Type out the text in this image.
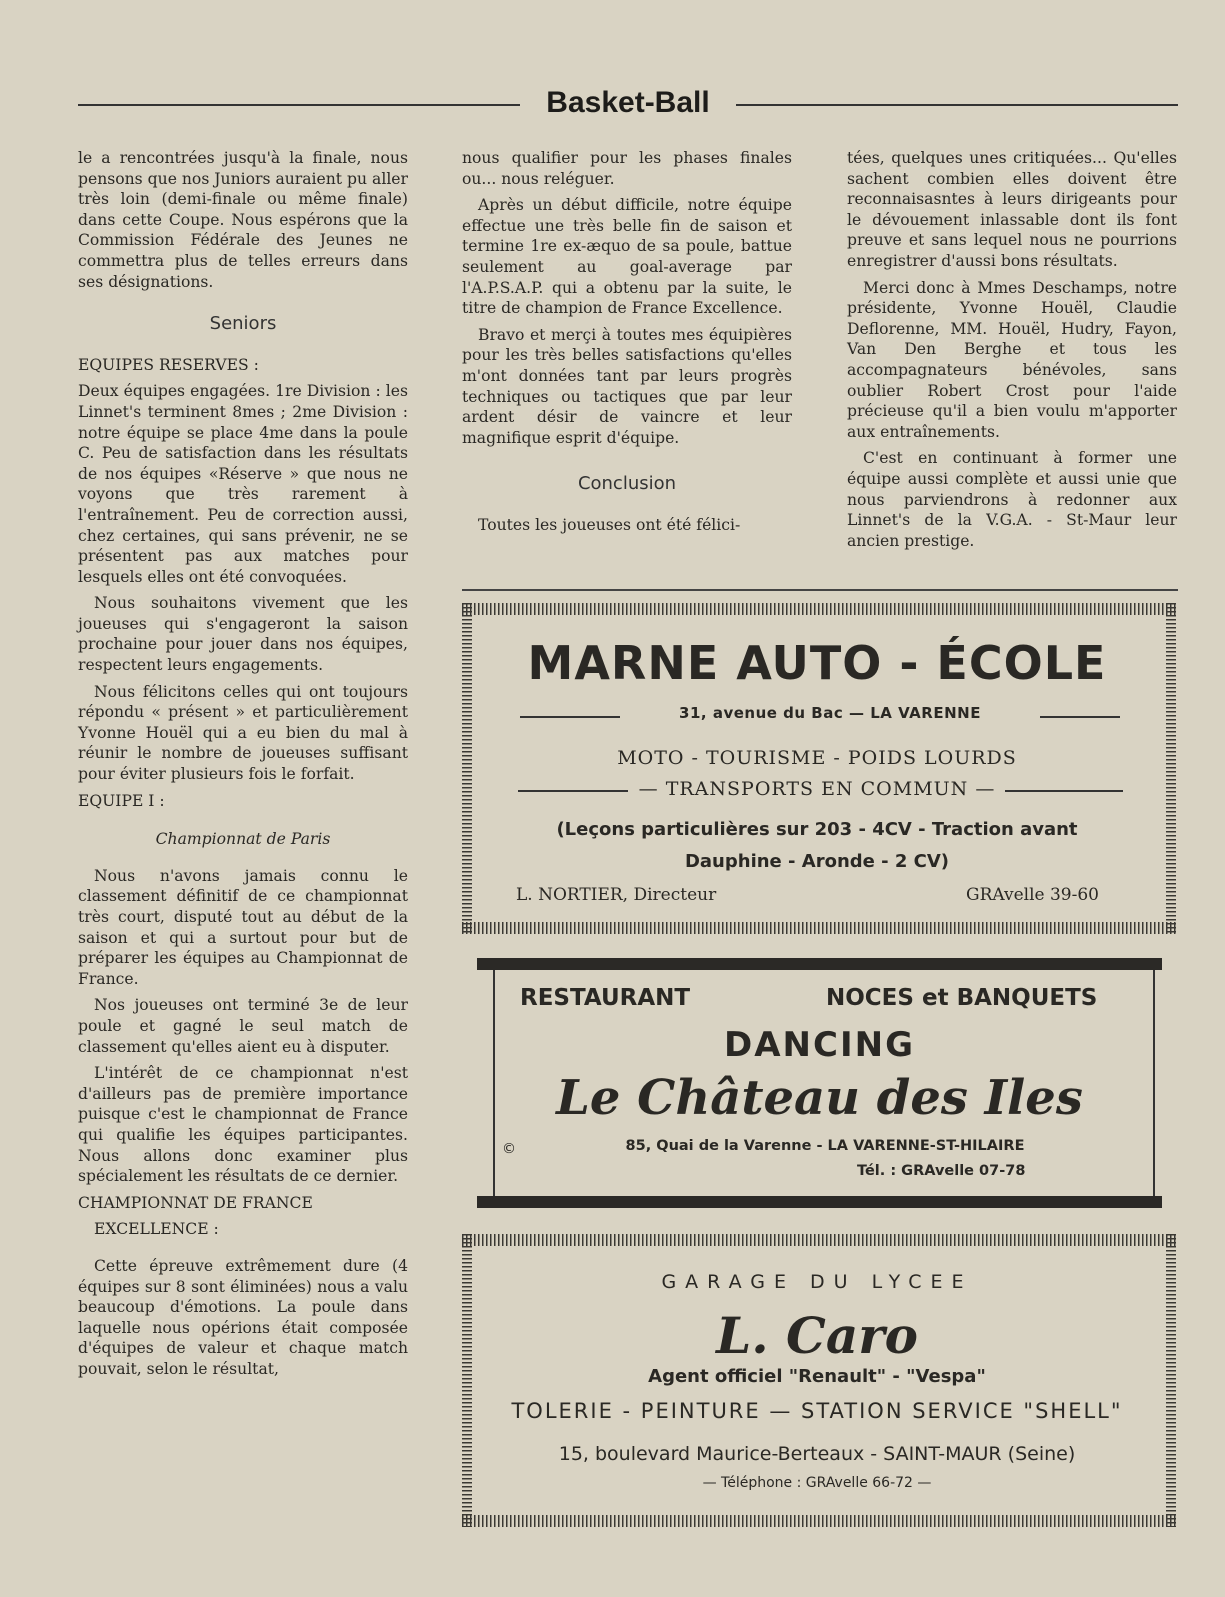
Basket-Ball

le a rencontrées jusqu'à la finale, nous pensons que nos Juniors auraient pu aller très loin (demi-finale ou même finale) dans cette Coupe. Nous espérons que la Commission Fédérale des Jeunes ne commettra plus de telles erreurs dans ses désignations.

Seniors

EQUIPES RESERVES :

Deux équipes engagées. 1re Division : les Linnet's terminent 8mes ; 2me Division : notre équipe se place 4me dans la poule C. Peu de satisfaction dans les résultats de nos équipes «Réserve » que nous ne voyons que très rarement à l'entraînement. Peu de correction aussi, chez certaines, qui sans prévenir, ne se présentent pas aux matches pour lesquels elles ont été convoquées.

Nous souhaitons vivement que les joueuses qui s'engageront la saison prochaine pour jouer dans nos équipes, respectent leurs engagements.

Nous félicitons celles qui ont toujours répondu « présent » et particulièrement Yvonne Houël qui a eu bien du mal à réunir le nombre de joueuses suffisant pour éviter plusieurs fois le forfait.

EQUIPE I :

Championnat de Paris

Nous n'avons jamais connu le classement définitif de ce championnat très court, disputé tout au début de la saison et qui a surtout pour but de préparer les équipes au Championnat de France.

Nos joueuses ont terminé 3e de leur poule et gagné le seul match de classement qu'elles aient eu à disputer.

L'intérêt de ce championnat n'est d'ailleurs pas de première importance puisque c'est le championnat de France qui qualifie les équipes participantes. Nous allons donc examiner plus spécialement les résultats de ce dernier.

CHAMPIONNAT DE FRANCE

EXCELLENCE :

Cette épreuve extrêmement dure (4 équipes sur 8 sont éliminées) nous a valu beaucoup d'émotions. La poule dans laquelle nous opérions était composée d'équipes de valeur et chaque match pouvait, selon le résultat,

nous qualifier pour les phases finales ou... nous reléguer.

Après un début difficile, notre équipe effectue une très belle fin de saison et termine 1re ex-æquo de sa poule, battue seulement au goal-average par l'A.P.S.A.P. qui a obtenu par la suite, le titre de champion de France Excellence.

Bravo et merçi à toutes mes équipières pour les très belles satisfactions qu'elles m'ont données tant par leurs progrès techniques ou tactiques que par leur ardent désir de vaincre et leur magnifique esprit d'équipe.

Conclusion

Toutes les joueuses ont été félici-

tées, quelques unes critiquées... Qu'elles sachent combien elles doivent être reconnaisasntes à leurs dirigeants pour le dévouement inlassable dont ils font preuve et sans lequel nous ne pourrions enregistrer d'aussi bons résultats.

Merci donc à Mmes Deschamps, notre présidente, Yvonne Houël, Claudie Deflorenne, MM. Houël, Hudry, Fayon, Van Den Berghe et tous les accompagnateurs bénévoles, sans oublier Robert Crost pour l'aide précieuse qu'il a bien voulu m'apporter aux entraînements.

C'est en continuant à former une équipe aussi complète et aussi unie que nous parviendrons à redonner aux Linnet's de la V.G.A. - St-Maur leur ancien prestige.

MARNE AUTO - ÉCOLE
31, avenue du Bac — LA VARENNE
MOTO - TOURISME - POIDS LOURDS
— TRANSPORTS EN COMMUN —
(Leçons particulières sur 203 - 4CV - Traction avant
Dauphine - Aronde - 2 CV)
L. NORTIER, Directeur	GRAvelle 39-60
RESTAURANT	NOCES et BANQUETS
DANCING
Le Château des Iles
©	85, Quai de la Varenne - LA VARENNE-ST-HILAIRE
Tél. : GRAvelle 07-78
GARAGE DU LYCEE
L. Caro
Agent officiel "Renault" - "Vespa"
TOLERIE - PEINTURE — STATION SERVICE "SHELL"
15, boulevard Maurice-Berteaux - SAINT-MAUR (Seine)
— Téléphone : GRAvelle 66-72 —
